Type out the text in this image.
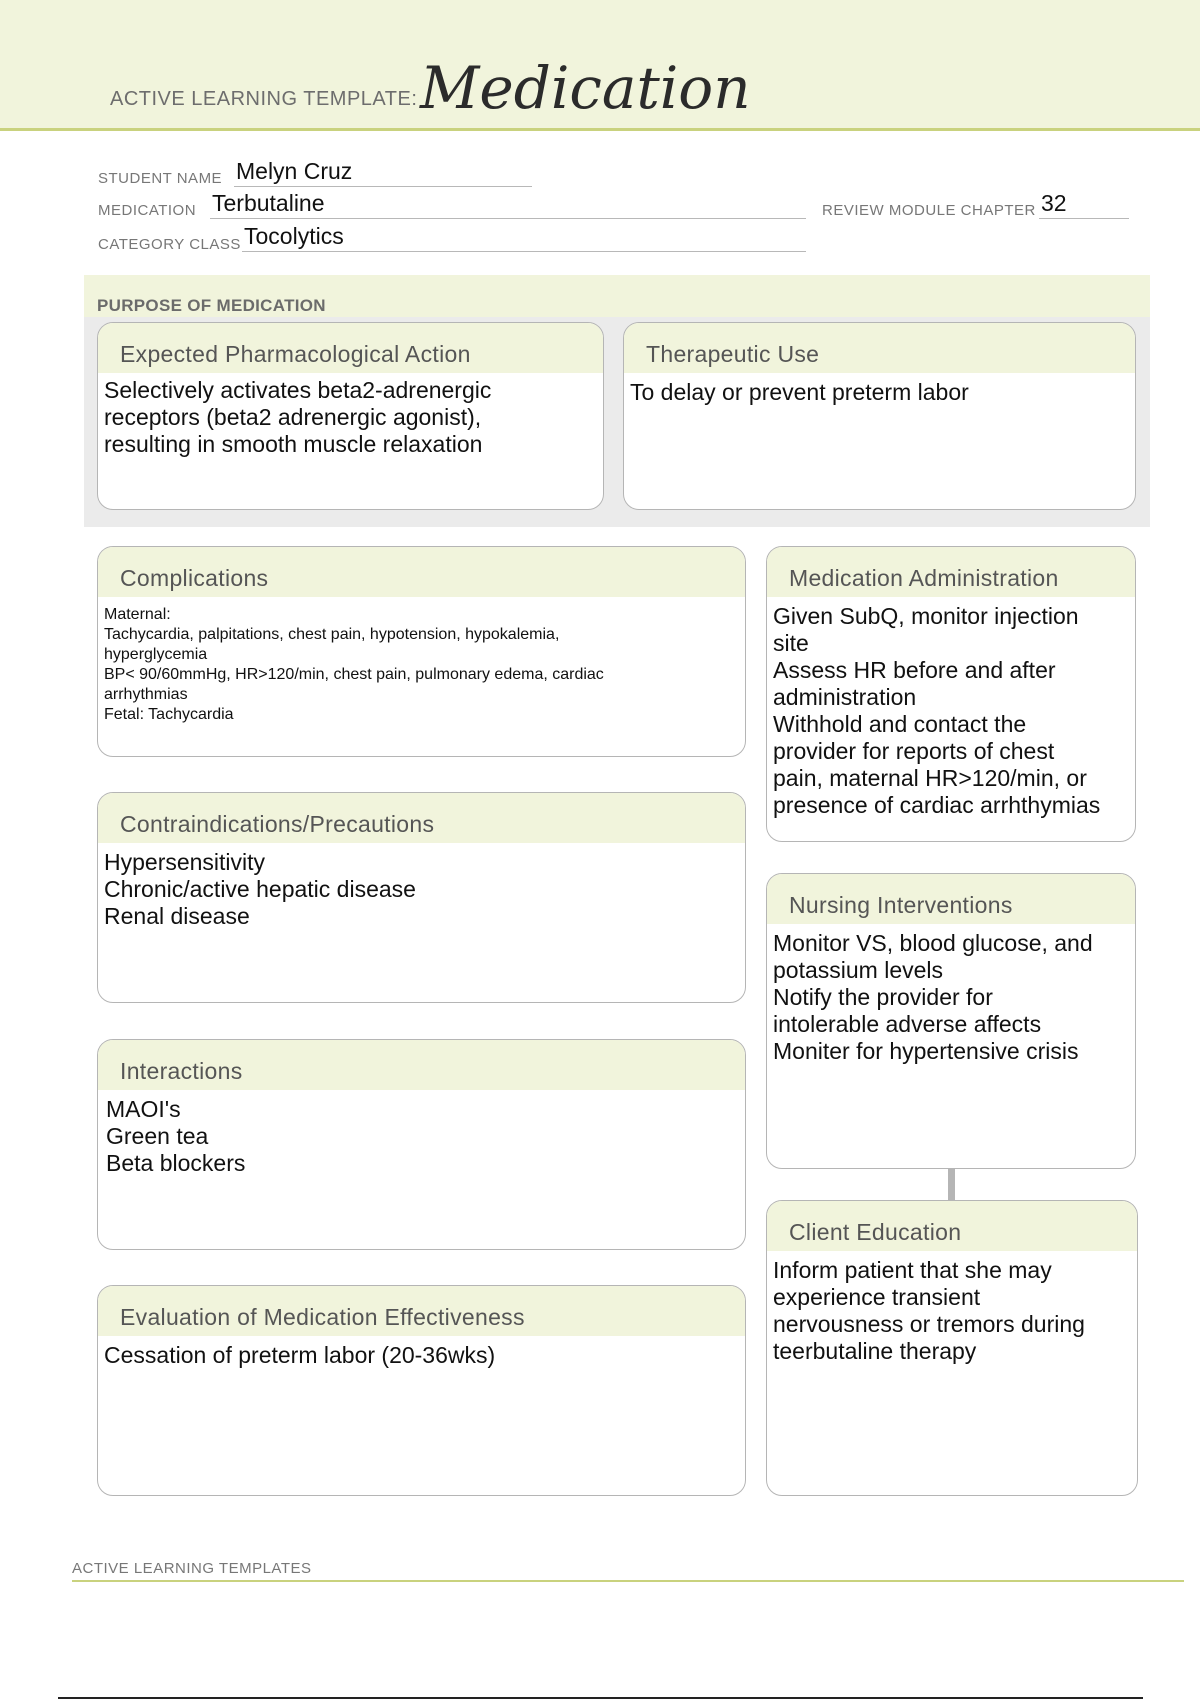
ACTIVE LEARNING TEMPLATE: Medication
STUDENT NAME Melyn Cruz
MEDICATION Terbutaline	REVIEW MODULE CHAPTER 32
CATEGORY CLASS Tocolytics
PURPOSE OF MEDICATION
Expected Pharmacological Action
Selectively activates beta2-adrenergic
receptors (beta2 adrenergic agonist),
resulting in smooth muscle relaxation
Therapeutic Use
To delay or prevent preterm labor
Complications
Maternal:
Tachycardia, palpitations, chest pain, hypotension, hypokalemia,
hyperglycemia
BP< 90/60mmHg, HR>120/min, chest pain, pulmonary edema, cardiac
arrhythmias
Fetal: Tachycardia
Contraindications/Precautions
Hypersensitivity
Chronic/active hepatic disease
Renal disease
Interactions
MAOI's
Green tea
Beta blockers
Evaluation of Medication Effectiveness
Cessation of preterm labor (20-36wks)
Medication Administration
Given SubQ, monitor injection
site
Assess HR before and after
administration
Withhold and contact the
provider for reports of chest
pain, maternal HR>120/min, or
presence of cardiac arrhthymias
Nursing Interventions
Monitor VS, blood glucose, and
potassium levels
Notify the provider for
intolerable adverse affects
Moniter for hypertensive crisis
Client Education
Inform patient that she may
experience transient
nervousness or tremors during
teerbutaline therapy
ACTIVE LEARNING TEMPLATES
